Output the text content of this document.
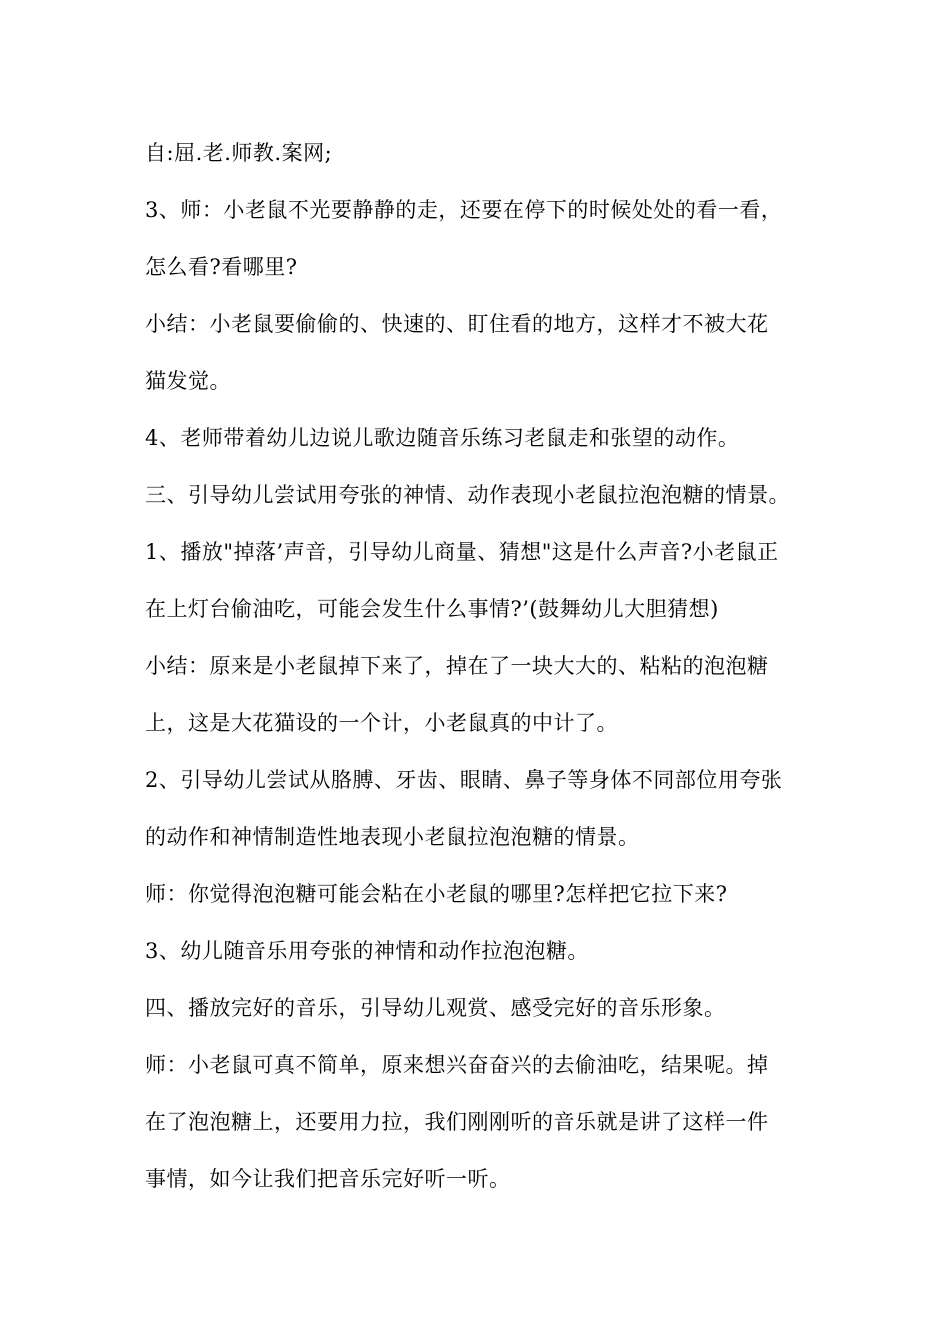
自:屈.老.师教.案网;
3、师：小老鼠不光要静静的走，还要在停下的时候处处的看一看，
怎么看?看哪里?
小结：小老鼠要偷偷的、快速的、盯住看的地方，这样才不被大花
猫发觉。
4、老师带着幼儿边说儿歌边随音乐练习老鼠走和张望的动作。
三、引导幼儿尝试用夸张的神情、动作表现小老鼠拉泡泡糖的情景。
1、播放"掉落’声音，引导幼儿商量、猜想"这是什么声音?小老鼠正
在上灯台偷油吃，可能会发生什么事情?’(鼓舞幼儿大胆猜想)
小结：原来是小老鼠掉下来了，掉在了一块大大的、粘粘的泡泡糖
上，这是大花猫设的一个计，小老鼠真的中计了。
2、引导幼儿尝试从胳膊、牙齿、眼睛、鼻子等身体不同部位用夸张
的动作和神情制造性地表现小老鼠拉泡泡糖的情景。
师：你觉得泡泡糖可能会粘在小老鼠的哪里?怎样把它拉下来?
3、幼儿随音乐用夸张的神情和动作拉泡泡糖。
四、播放完好的音乐，引导幼儿观赏、感受完好的音乐形象。
师：小老鼠可真不简单，原来想兴奋奋兴的去偷油吃，结果呢。掉
在了泡泡糖上，还要用力拉，我们刚刚听的音乐就是讲了这样一件
事情，如今让我们把音乐完好听一听。
